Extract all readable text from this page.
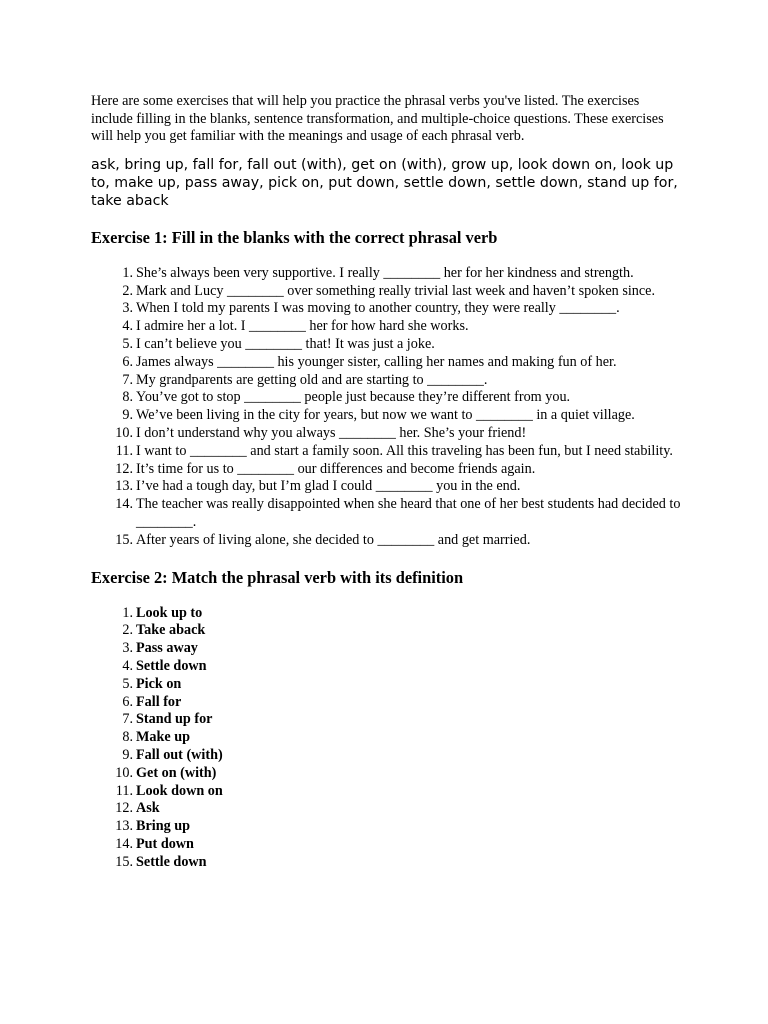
Here are some exercises that will help you practice the phrasal verbs you've listed. The exercises include filling in the blanks, sentence transformation, and multiple-choice questions. These exercises will help you get familiar with the meanings and usage of each phrasal verb.

ask, bring up, fall for, fall out (with), get on (with), grow up, look down on, look up to, make up, pass away, pick on, put down, settle down, settle down, stand up for, take aback

Exercise 1: Fill in the blanks with the correct phrasal verb
1. She’s always been very supportive. I really ________ her for her kindness and strength.
2. Mark and Lucy ________ over something really trivial last week and haven’t spoken since.
3. When I told my parents I was moving to another country, they were really ________.
4. I admire her a lot. I ________ her for how hard she works.
5. I can’t believe you ________ that! It was just a joke.
6. James always ________ his younger sister, calling her names and making fun of her.
7. My grandparents are getting old and are starting to ________.
8. You’ve got to stop ________ people just because they’re different from you.
9. We’ve been living in the city for years, but now we want to ________ in a quiet village.
10. I don’t understand why you always ________ her. She’s your friend!
11. I want to ________ and start a family soon. All this traveling has been fun, but I need stability.
12. It’s time for us to ________ our differences and become friends again.
13. I’ve had a tough day, but I’m glad I could ________ you in the end.
14. The teacher was really disappointed when she heard that one of her best students had decided to ________.
15. After years of living alone, she decided to ________ and get married.
Exercise 2: Match the phrasal verb with its definition
1. Look up to
2. Take aback
3. Pass away
4. Settle down
5. Pick on
6. Fall for
7. Stand up for
8. Make up
9. Fall out (with)
10. Get on (with)
11. Look down on
12. Ask
13. Bring up
14. Put down
15. Settle down
